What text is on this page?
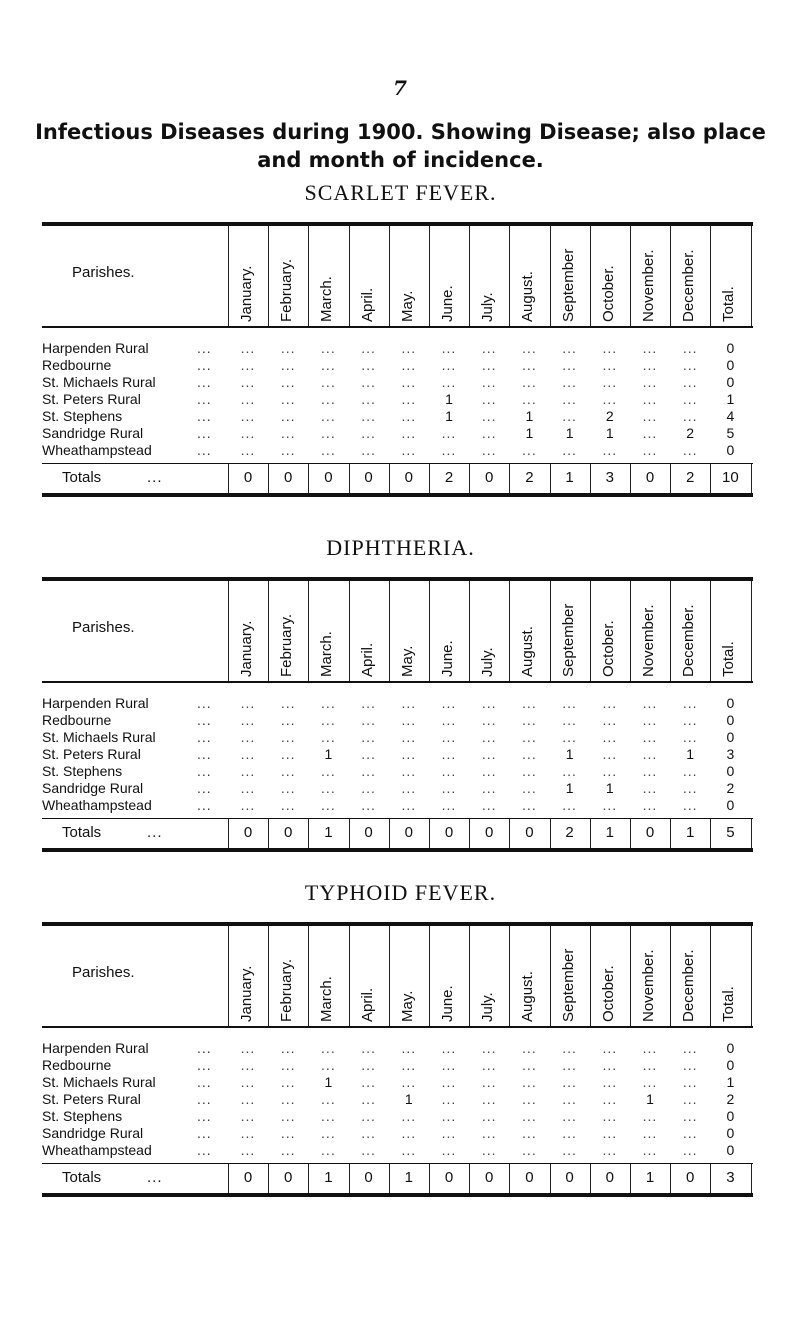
7
Infectious Diseases during 1900. Showing Disease; also place
and month of incidence.
SCARLET FEVER.
Parishes.	January. February. March. April. May. June. July. August. September October. November. December. Total.
Harpenden Rural	...	...	...	...	...	...	...	...	...	...	...	...	...	0
Redbourne	...	...	...	...	...	...	...	...	...	...	...	...	...	0
St. Michaels Rural	...	...	...	...	...	...	...	...	...	...	...	...	...	0
St. Peters Rural	...	...	...	...	...	...	1	...	...	...	...	...	...	1
St. Stephens	...	...	...	...	...	...	1	...	1	...	2	...	...	4
Sandridge Rural	...	...	...	...	...	...	...	...	1	1	1	...	2	5
Wheathampstead	...	...	...	...	...	...	...	...	...	...	...	...	...	0
Totals	...	0	0	0	0	0	2	0	2	1	3	0	2	10
DIPHTHERIA.
Parishes.	January. February. March. April. May. June. July. August. September October. November. December. Total.
Harpenden Rural	...	...	...	...	...	...	...	...	...	...	...	...	...	0
Redbourne	...	...	...	...	...	...	...	...	...	...	...	...	...	0
St. Michaels Rural	...	...	...	...	...	...	...	...	...	...	...	...	...	0
St. Peters Rural	...	...	...	1	...	...	...	...	...	1	...	...	1	3
St. Stephens	...	...	...	...	...	...	...	...	...	...	...	...	...	0
Sandridge Rural	...	...	...	...	...	...	...	...	...	1	1	...	...	2
Wheathampstead	...	...	...	...	...	...	...	...	...	...	...	...	...	0
Totals	...	0	0	1	0	0	0	0	0	2	1	0	1	5
TYPHOID FEVER.
Parishes.	January. February. March. April. May. June. July. August. September October. November. December. Total.
Harpenden Rural	...	...	...	...	...	...	...	...	...	...	...	...	...	0
Redbourne	...	...	...	...	...	...	...	...	...	...	...	...	...	0
St. Michaels Rural	...	...	...	1	...	...	...	...	...	...	...	...	...	1
St. Peters Rural	...	...	...	...	...	1	...	...	...	...	...	1	...	2
St. Stephens	...	...	...	...	...	...	...	...	...	...	...	...	...	0
Sandridge Rural	...	...	...	...	...	...	...	...	...	...	...	...	...	0
Wheathampstead	...	...	...	...	...	...	...	...	...	...	...	...	...	0
Totals	...	0	0	1	0	1	0	0	0	0	0	1	0	3
